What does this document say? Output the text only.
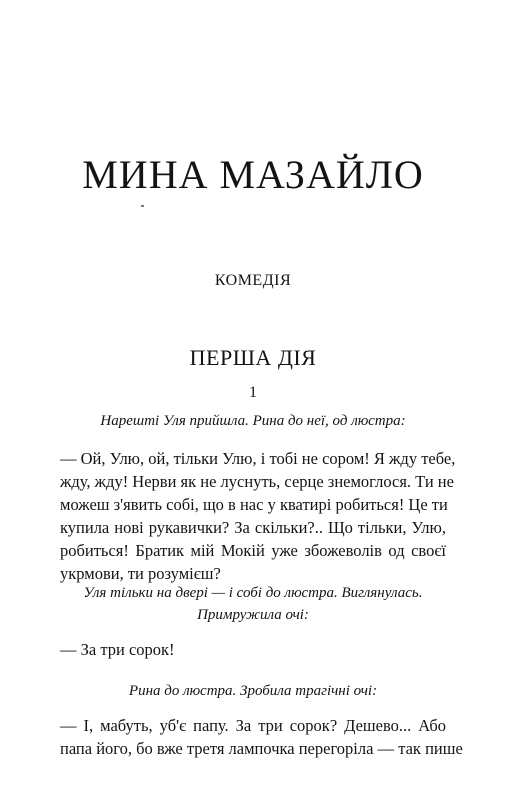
МИНА МАЗАЙЛО
КОМЕДІЯ
ПЕРША ДІЯ
1
Нарешті Уля прийшла. Рина до неї, од люстра:
— Ой, Улю, ой, тільки Улю, і тобі не сором! Я жду тебе,
жду, жду! Нерви як не луснуть, серце знемоглося. Ти не
можеш з'явить собі, що в нас у кватирі робиться! Це ти
купила нові рукавички? За скільки?.. Що тільки, Улю,
робиться! Братик мій Мокій уже збожеволів од своєї
укрмови, ти розумієш?
Уля тільки на двері — і собі до люстра. Виглянулась.
Примружила очі:
— За три сорок!
Рина до люстра. Зробила трагічні очі:
— І, мабуть, уб'є папу. За три сорок? Дешево... Або
папа його, бо вже третя лампочка перегоріла — так пише
